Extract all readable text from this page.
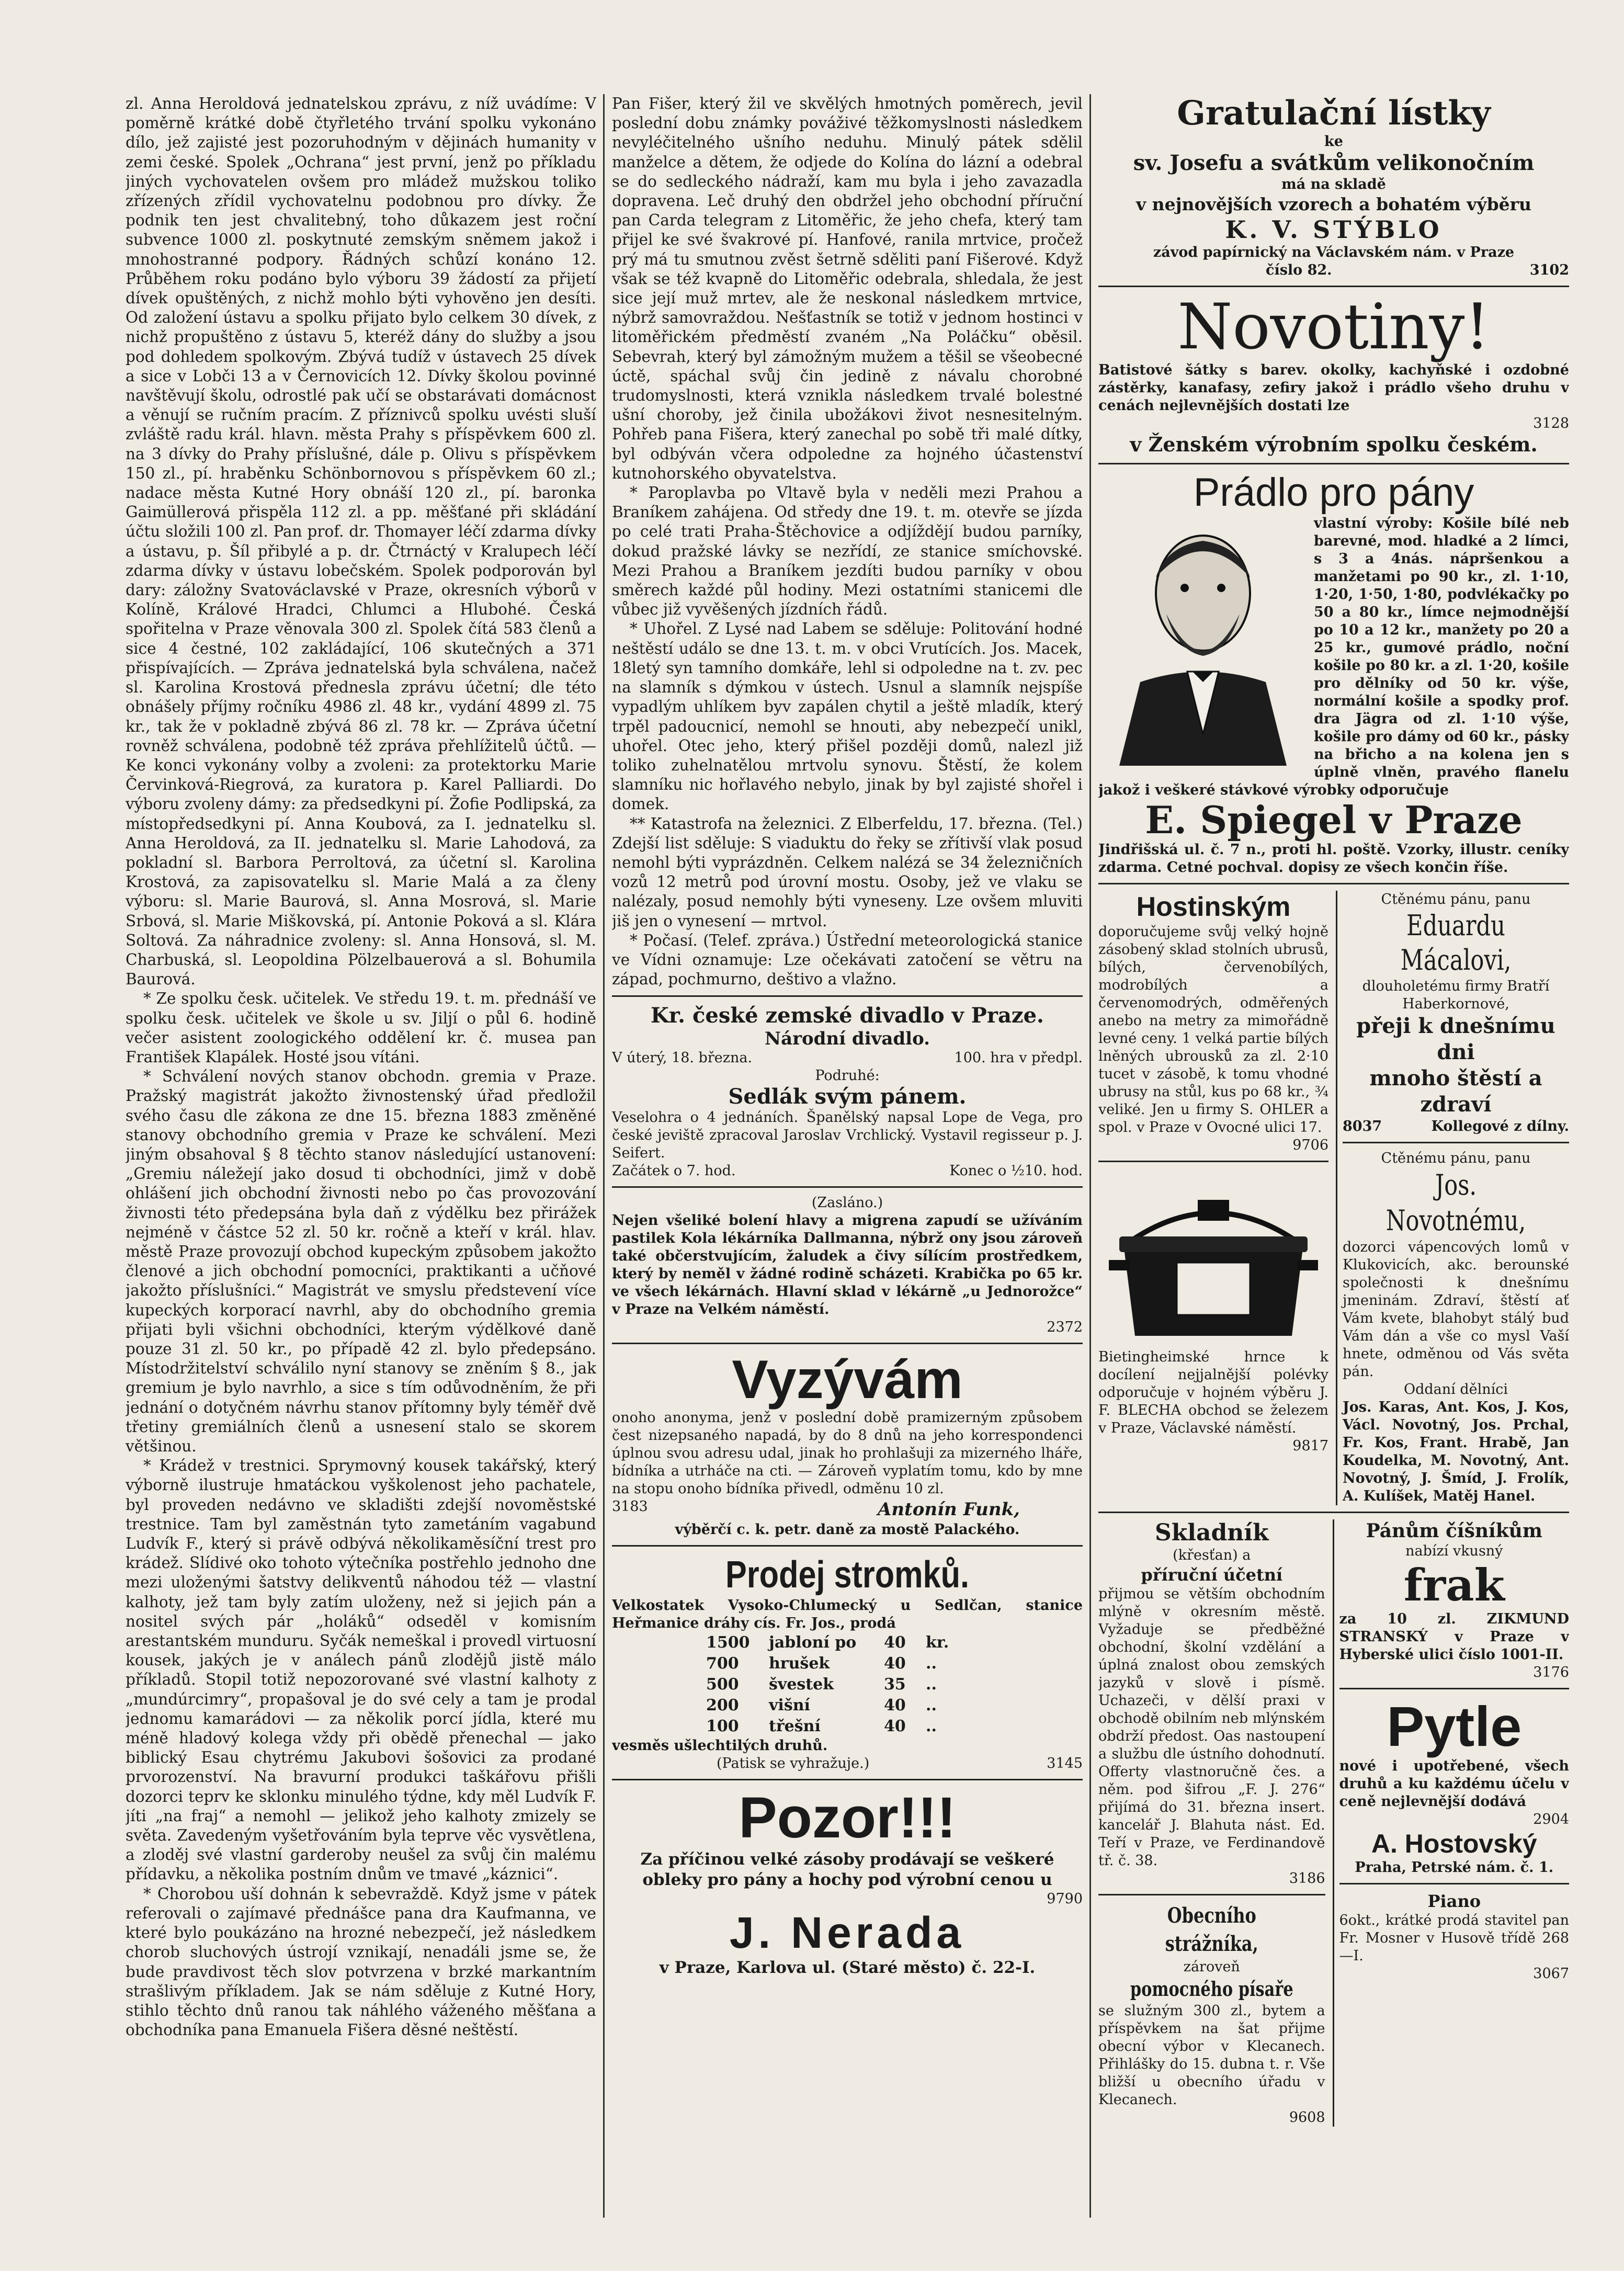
zl. Anna Heroldová jednatelskou zprávu, z níž uvádíme: V poměrně krátké době čtyřletého trvání spolku vykonáno dílo, jež zajisté jest pozoruhodným v dějinách humanity v zemi české. Spolek „Ochrana“ jest první, jenž po příkladu jiných vychovatelen ovšem pro mládež mužskou toliko zřízených zřídil vychovatelnu podobnou pro dívky. Že podnik ten jest chvalitebný, toho důkazem jest roční subvence 1000 zl. poskytnuté zemským sněmem jakož i mnohostranné podpory. Řádných schůzí konáno 12. Průběhem roku podáno bylo výboru 39 žádostí za přijetí dívek opuštěných, z nichž mohlo býti vyhověno jen desíti. Od založení ústavu a spolku přijato bylo celkem 30 dívek, z nichž propuštěno z ústavu 5, kteréž dány do služby a jsou pod dohledem spolkovým. Zbývá tudíž v ústavech 25 dívek a sice v Lobči 13 a v Černovicích 12. Dívky školou povinné navštěvují školu, odrostlé pak učí se obstarávati domácnost a věnují se ručním pracím. Z příznivců spolku uvésti sluší zvláště radu král. hlavn. města Prahy s příspěvkem 600 zl. na 3 dívky do Prahy příslušné, dále p. Olivu s příspěvkem 150 zl., pí. hraběnku Schönbornovou s příspěvkem 60 zl.; nadace města Kutné Hory obnáší 120 zl., pí. baronka Gaimüllerová přispěla 112 zl. a pp. měšťané při skládání účtu složili 100 zl. Pan prof. dr. Thomayer léčí zdarma dívky a ústavu, p. Šíl přibylé a p. dr. Čtrnáctý v Kralupech léčí zdarma dívky v ústavu lobečském. Spolek podporován byl dary: záložny Svatováclavské v Praze, okresních výborů v Kolíně, Králové Hradci, Chlumci a Hlubohé. Česká spořitelna v Praze věnovala 300 zl. Spolek čítá 583 členů a sice 4 čestné, 102 zakládající, 106 skutečných a 371 přispívajících. — Zpráva jednatelská byla schválena, načež sl. Karolina Krostová přednesla zprávu účetní; dle této obnášely příjmy ročníku 4986 zl. 48 kr., vydání 4899 zl. 75 kr., tak že v pokladně zbývá 86 zl. 78 kr. — Zpráva účetní rovněž schválena, podobně též zpráva přehlížitelů účtů. — Ke konci vykonány volby a zvoleni: za protektorku Marie Červinková-Riegrová, za kuratora p. Karel Palliardi. Do výboru zvoleny dámy: za předsedkyni pí. Žofie Podlipská, za místopředsedkyni pí. Anna Koubová, za I. jednatelku sl. Anna Heroldová, za II. jednatelku sl. Marie Lahodová, za pokladní sl. Barbora Perroltová, za účetní sl. Karolina Krostová, za zapisovatelku sl. Marie Malá a za členy výboru: sl. Marie Baurová, sl. Anna Mosrová, sl. Marie Srbová, sl. Marie Miškovská, pí. Antonie Poková a sl. Klára Soltová. Za náhradnice zvoleny: sl. Anna Honsová, sl. M. Charbuská, sl. Leopoldina Pölzelbauerová a sl. Bohumila Baurová.

* Ze spolku česk. učitelek. Ve středu 19. t. m. přednáší ve spolku česk. učitelek ve škole u sv. Jiljí o půl 6. hodině večer asistent zoologického oddělení kr. č. musea pan František Klapálek. Hosté jsou vítáni.

* Schválení nových stanov obchodn. gremia v Praze. Pražský magistrát jakožto živnostenský úřad předložil svého času dle zákona ze dne 15. března 1883 změněné stanovy obchodního gremia v Praze ke schválení. Mezi jiným obsahoval § 8 těchto stanov následující ustanovení: „Gremiu náležejí jako dosud ti obchodníci, jimž v době ohlášení jich obchodní živnosti nebo po čas provozování živnosti této předepsána byla daň z výdělku bez přirážek nejméně v částce 52 zl. 50 kr. ročně a kteří v král. hlav. městě Praze provozují obchod kupeckým způsobem jakožto členové a jich obchodní pomocníci, praktikanti a učňové jakožto příslušníci.“ Magistrát ve smyslu předstevení více kupeckých korporací navrhl, aby do obchodního gremia přijati byli všichni obchodníci, kterým výdělkové daně pouze 31 zl. 50 kr., po případě 42 zl. bylo předepsáno. Místodržitelství schválilo nyní stanovy se zněním § 8., jak gremium je bylo navrhlo, a sice s tím odůvodněním, že při jednání o dotyčném návrhu stanov přítomny byly téměř dvě třetiny gremiálních členů a usnesení stalo se skorem většinou.

* Krádež v trestnici. Sprymovný kousek takářský, který výborně ilustruje hmatáckou vyškolenost jeho pachatele, byl proveden nedávno ve skladišti zdejší novoměstské trestnice. Tam byl zaměstnán tyto zametáním vagabund Ludvík F., který si právě odbývá několikaměsíční trest pro krádež. Slídivé oko tohoto výtečníka postřehlo jednoho dne mezi uloženými šatstvy delikventů náhodou též — vlastní kalhoty, jež tam byly zatím uloženy, než si jejich pán a nositel svých pár „holáků“ odseděl v komisním arestantském munduru. Syčák nemeškal i provedl virtuosní kousek, jakých je v análech pánů zlodějů jistě málo příkladů. Stopil totiž nepozorované své vlastní kalhoty z „mundúrcimry“, propašoval je do své cely a tam je prodal jednomu kamarádovi — za několik porcí jídla, které mu méně hladový kolega vždy při obědě přenechal — jako biblický Esau chytrému Jakubovi šošovici za prodané prvorozenství. Na bravurní produkci taškářovu přišli dozorci teprv ke sklonku minulého týdne, kdy měl Ludvík F. jíti „na fraj“ a nemohl — jelikož jeho kalhoty zmizely se světa. Zavedeným vyšetřováním byla teprve věc vysvětlena, a zloděj své vlastní garderoby neušel za svůj čin malému přídavku, a několika postním dnům ve tmavé „káznici“.

* Chorobou uší dohnán k sebevraždě. Když jsme v pátek referovali o zajímavé přednášce pana dra Kaufmanna, ve které bylo poukázáno na hrozné nebezpečí, jež následkem chorob sluchových ústrojí vznikají, nenadáli jsme se, že bude pravdivost těch slov potvrzena v brzké markantním strašlivým příkladem. Jak se nám sděluje z Kutné Hory, stihlo těchto dnů ranou tak náhlého váženého měšťana a obchodníka pana Emanuela Fišera děsné neštěstí.

Pan Fišer, který žil ve skvělých hmotných poměrech, jevil poslední dobu známky pováživé těžkomyslnosti následkem nevyléčitelného ušního neduhu. Minulý pátek sdělil manželce a dětem, že odjede do Kolína do lázní a odebral se do sedleckého nádraží, kam mu byla i jeho zavazadla dopravena. Leč druhý den obdržel jeho obchodní příruční pan Carda telegram z Litoměřic, že jeho chefa, který tam přijel ke své švakrové pí. Hanfové, ranila mrtvice, pročež prý má tu smutnou zvěst šetrně sděliti paní Fišerové. Když však se též kvapně do Litoměřic odebrala, shledala, že jest sice její muž mrtev, ale že neskonal následkem mrtvice, nýbrž samovraždou. Nešťastník se totiž v jednom hostinci v litoměřickém předměstí zvaném „Na Poláčku“ oběsil. Sebevrah, který byl zámožným mužem a těšil se všeobecné úctě, spáchal svůj čin jedině z návalu chorobné trudomyslnosti, která vznikla následkem trvalé bolestné ušní choroby, jež činila ubožákovi život nesnesitelným. Pohřeb pana Fišera, který zanechal po sobě tři malé dítky, byl odbýván včera odpoledne za hojného účastenství kutnohorského obyvatelstva.

* Paroplavba po Vltavě byla v neděli mezi Prahou a Braníkem zahájena. Od středy dne 19. t. m. otevře se jízda po celé trati Praha-Štěchovice a odjíždějí budou parníky, dokud pražské lávky se nezřídí, ze stanice smíchovské. Mezi Prahou a Braníkem jezdíti budou parníky v obou směrech každé půl hodiny. Mezi ostatními stanicemi dle vůbec již vyvěšených jízdních řádů.

* Uhořel. Z Lysé nad Labem se sděluje: Politování hodné neštěstí událo se dne 13. t. m. v obci Vrutících. Jos. Macek, 18letý syn tamního domkáře, lehl si odpoledne na t. zv. pec na slamník s dýmkou v ústech. Usnul a slamník nejspíše vypadlým uhlíkem byv zapálen chytil a ještě mladík, který trpěl padoucnicí, nemohl se hnouti, aby nebezpečí unikl, uhořel. Otec jeho, který přišel později domů, nalezl již toliko zuhelnatělou mrtvolu synovu. Štěstí, že kolem slamníku nic hořlavého nebylo, jinak by byl zajisté shořel i domek.

** Katastrofa na železnici. Z Elberfeldu, 17. března. (Tel.) Zdejší list sděluje: S viaduktu do řeky se zřítivší vlak posud nemohl býti vyprázdněn. Celkem nalézá se 34 železničních vozů 12 metrů pod úrovní mostu. Osoby, jež ve vlaku se nalézaly, posud nemohly býti vyneseny. Lze ovšem mluviti jiš jen o vynesení — mrtvol.

* Počasí. (Telef. zpráva.) Ústřední meteorologická stanice ve Vídni oznamuje: Lze očekávati zatočení se větru na západ, pochmurno, deštivo a vlažno.

Kr. české zemské divadlo v Praze.

Národní divadlo.

V úterý, 18. března.	100. hra v předpl.

Podruhé:

Sedlák svým pánem.

Veselohra o 4 jednáních. Španělský napsal Lope de Vega, pro české jeviště zpracoval Jaroslav Vrchlický. Vystavil regisseur p. J. Seifert.

Začátek o 7. hod.	Konec o ½10. hod.

(Zasláno.)

Nejen všeliké bolení hlavy a migrena zapudí se užíváním pastilek Kola lékárníka Dallmanna, nýbrž ony jsou zároveň také občerstvujícím, žaludek a čivy sílícím prostředkem, který by neměl v žádné rodině scházeti. Krabička po 65 kr. ve všech lékárnách. Hlavní sklad v lékárně „u Jednorožce“ v Praze na Velkém náměstí.

2372

Vyzývám

onoho anonyma, jenž v poslední době pramizerným způsobem čest nizepsaného napadá, by do 8 dnů na jeho korrespondenci úplnou svou adresu udal, jinak ho prohlašuji za mizerného lháře, bídníka a utrháče na cti. — Zároveň vyplatím tomu, kdo by mne na stopu onoho bídníka přivedl, odměnu 10 zl.

3183	Antonín Funk,

výběrčí c. k. petr. daně za mostě Palackého.

Prodej stromků.

Velkostatek Vysoko-Chlumecký u Sedlčan, stanice Heřmanice dráhy cís. Fr. Jos., prodá

1500	jabloní po	40	kr.
700	hrušek	40	..
500	švestek	35	..
200	višní	40	..
100	třešní	40	..

vesměs ušlechtilých druhů.

(Patisk se vyhražuje.)	3145

Pozor!!!

Za příčinou velké zásoby prodávají se veškeré obleky pro pány a hochy pod výrobní cenou u

9790

J. Nerada

v Praze, Karlova ul. (Staré město) č. 22-I.

Gratulační lístky

ke

sv. Josefu a svátkům velikonočním

má na skladě

v nejnovějších vzorech a bohatém výběru

K. V. STÝBLO

závod papírnický na Václavském nám. v Praze

číslo 82.	3102

Novotiny!

Batistové šátky s barev. okolky, kachyňské i ozdobné zástěrky, kanafasy, zefiry jakož i prádlo všeho druhu v cenách nejlevnějších dostati lze

3128

v Ženském výrobním spolku českém.

Prádlo pro pány

vlastní výroby: Košile bílé neb barevné, mod. hladké a 2 límci, s 3 a 4nás. nápršenkou a manžetami po 90 kr., zl. 1·10, 1·20, 1·50, 1·80, podvlékačky po 50 a 80 kr., límce nejmodnější po 10 a 12 kr., manžety po 20 a 25 kr., gumové prádlo, noční košile po 80 kr. a zl. 1·20, košile pro dělníky od 50 kr. výše, normální košile a spodky prof. dra Jägra od zl. 1·10 výše, košile pro dámy od 60 kr., pásky na břicho a na kolena jen s úplně vlněn, pravého flanelu jakož i veškeré stávkové výrobky odporučuje

E. Spiegel v Praze

Jindřišská ul. č. 7 n., proti hl. poště. Vzorky, illustr. ceníky zdarma. Cetné pochval. dopisy ze všech končin říše.

Hostinským

doporučujeme svůj velký hojně zásobený sklad stolních ubrusů, bílých, červenobílých, modrobílých a červenomodrých, odměřených anebo na metry za mimořádně levné ceny. 1 velká partie bílých lněných ubrousků za zl. 2·10 tucet v zásobě, k tomu vhodné ubrusy na stůl, kus po 68 kr., ¾ veliké. Jen u firmy S. OHLER a spol. v Praze v Ovocné ulici 17.

9706

Bietingheimské hrnce k docílení nejjalnější polévky odporučuje v hojném výběru J. F. BLECHA obchod se železem v Praze, Václavské náměstí.

9817

Ctěnému pánu, panu

Eduardu Mácalovi,

dlouholetému firmy Bratří Haberkornové,

přeji k dnešnímu dni

mnoho štěstí a zdraví

8037	Kollegové z dílny.

Ctěnému pánu, panu

Jos. Novotnému,

dozorci vápencových lomů v Klukovicích, akc. berounské společnosti k dnešnímu jmeninám. Zdraví, štěstí ať Vám kvete, blahobyt stálý buď Vám dán a vše co mysl Vaší hnete, odměnou od Vás světa pán.

Oddaní dělníci

Jos. Karas, Ant. Kos, J. Kos, Václ. Novotný, Jos. Prchal, Fr. Kos, Frant. Hrabě, Jan Koudelka, M. Novotný, Ant. Novotný, J. Šmíd, J. Frolík, A. Kulíšek, Matěj Hanel.

Skladník

(křesťan) a

příruční účetní

přijmou se větším obchodním mlýně v okresním městě. Vyžaduje se předběžné obchodní, školní vzdělání a úplná znalost obou zemských jazyků v slově i písmě. Uchazeči, v dělší praxi v obchodě obilním neb mlýnském obdrží předost. Oas nastoupení a službu dle ústního dohodnutí. Offerty vlastnoručně čes. a něm. pod šifrou „F. J. 276“ přijímá do 31. března insert. kancelář J. Blahuta nást. Ed. Teří v Praze, ve Ferdinandově tř. č. 38.

3186

Obecního strážníka,

zároveň

pomocného písaře

se služným 300 zl., bytem a příspěvkem na šat přijme obecní výbor v Klecanech. Přihlášky do 15. dubna t. r. Vše bližší u obecního úřadu v Klecanech.

9608

Pánům číšníkům

nabízí vkusný

frak

za 10 zl. ZIKMUND STRANSKÝ v Praze v Hyberské ulici číslo 1001-II.

3176

Pytle

nové i upotřebené, všech druhů a ku každému účelu v ceně nejlevnější dodává

2904

A. Hostovský

Praha, Petrské nám. č. 1.

Piano

6okt., krátké prodá stavitel pan Fr. Mosner v Husově třídě 268—I.

3067
